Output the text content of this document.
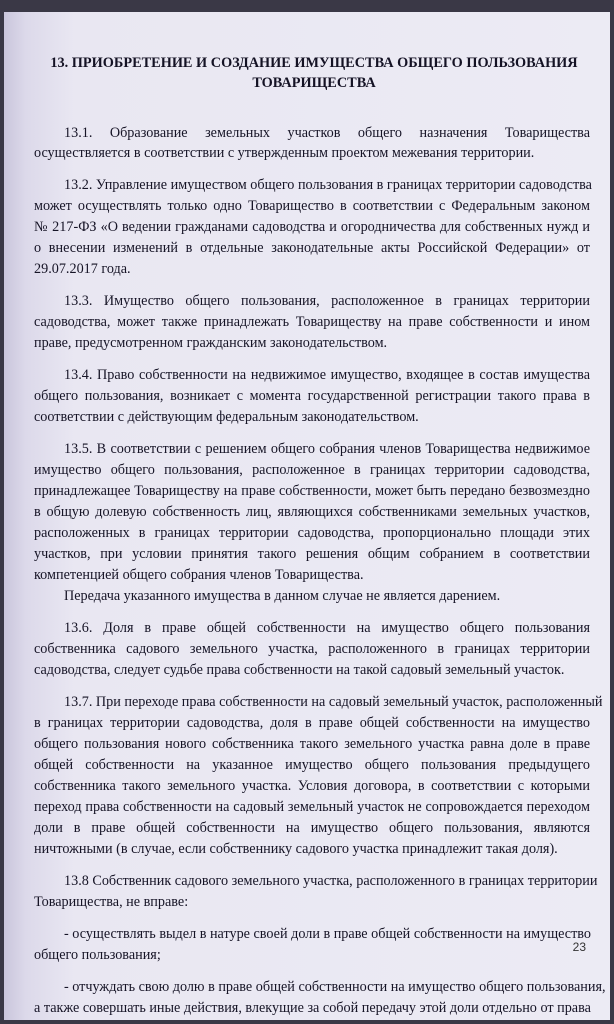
13. ПРИОБРЕТЕНИЕ И СОЗДАНИЕ ИМУЩЕСТВА ОБЩЕГО ПОЛЬЗОВАНИЯ ТОВАРИЩЕСТВА
13.1. Образование земельных участков общего назначения Товарищества
осуществляется в соответствии с утвержденным проектом межевания территории.
13.2. Управление имуществом общего пользования в границах территории садоводства
может осуществлять только одно Товарищество в соответствии с Федеральным законом
№ 217-ФЗ «О ведении гражданами садоводства и огородничества для собственных нужд и
о внесении изменений в отдельные законодательные акты Российской Федерации» от
29.07.2017 года.
13.3. Имущество общего пользования, расположенное в границах территории
садоводства, может также принадлежать Товариществу на праве собственности и ином
праве, предусмотренном гражданским законодательством.
13.4. Право собственности на недвижимое имущество, входящее в состав имущества
общего пользования, возникает с момента государственной регистрации такого права в
соответствии с действующим федеральным законодательством.
13.5. В соответствии с решением общего собрания членов Товарищества недвижимое
имущество общего пользования, расположенное в границах территории садоводства,
принадлежащее Товариществу на праве собственности, может быть передано безвозмездно
в общую долевую собственность лиц, являющихся собственниками земельных участков,
расположенных в границах территории садоводства, пропорционально площади этих
участков, при условии принятия такого решения общим собранием в соответствии
компетенцией общего собрания членов Товарищества.
Передача указанного имущества в данном случае не является дарением.
13.6. Доля в праве общей собственности на имущество общего пользования
собственника садового земельного участка, расположенного в границах территории
садоводства, следует судьбе права собственности на такой садовый земельный участок.
13.7. При переходе права собственности на садовый земельный участок, расположенный
в границах территории садоводства, доля в праве общей собственности на имущество
общего пользования нового собственника такого земельного участка равна доле в праве
общей собственности на указанное имущество общего пользования предыдущего
собственника такого земельного участка. Условия договора, в соответствии с которыми
переход права собственности на садовый земельный участок не сопровождается переходом
доли в праве общей собственности на имущество общего пользования, являются
ничтожными (в случае, если собственнику садового участка принадлежит такая доля).
13.8 Собственник садового земельного участка, расположенного в границах территории
Товарищества, не вправе:
- осуществлять выдел в натуре своей доли в праве общей собственности на имущество
общего пользования;
- отчуждать свою долю в праве общей собственности на имущество общего пользования,
а также совершать иные действия, влекущие за собой передачу этой доли отдельно от права
23
